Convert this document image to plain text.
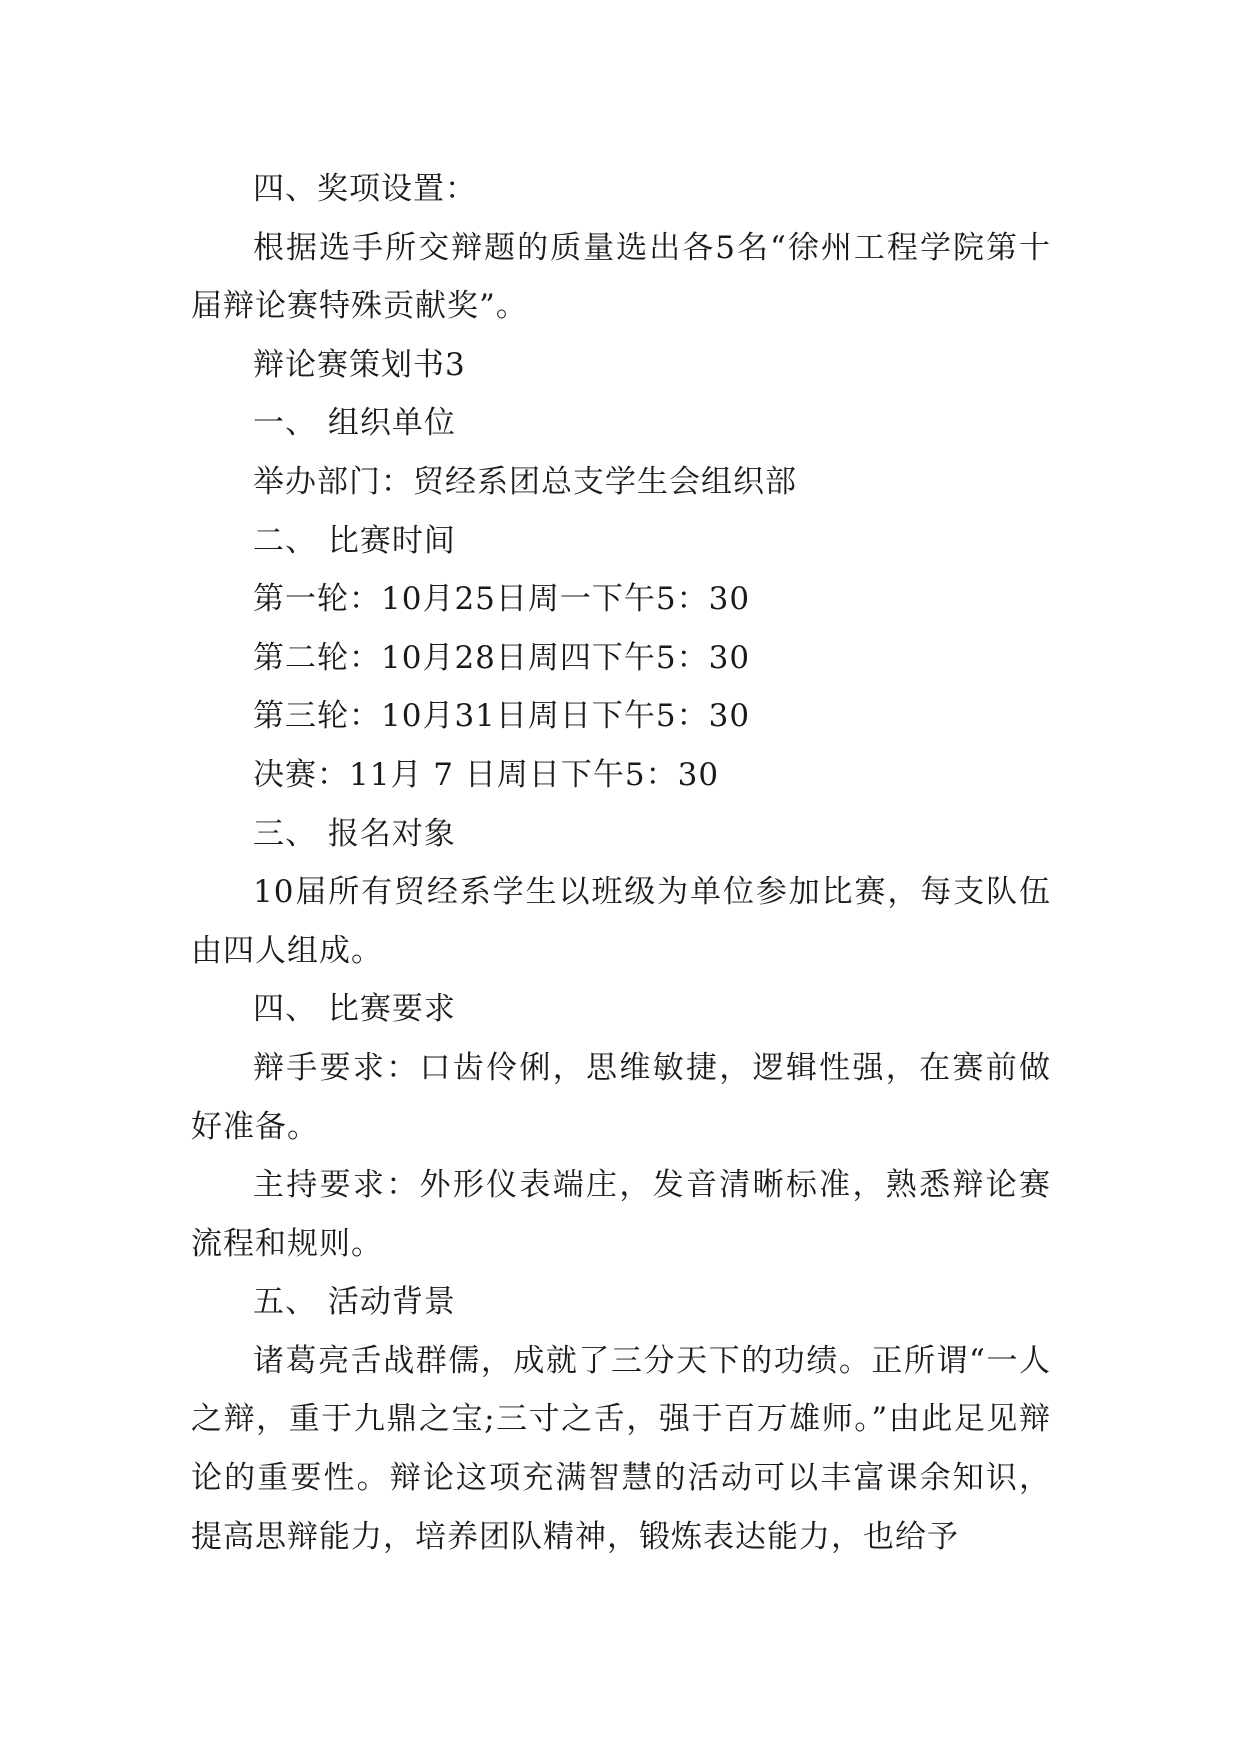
四、奖项设置：

根据选手所交辩题的质量选出各5名“徐州工程学院第十届辩论赛特殊贡献奖”。

辩论赛策划书3

一、 组织单位

举办部门：贸经系团总支学生会组织部

二、 比赛时间

第一轮：10月25日周一下午5：30

第二轮：10月28日周四下午5：30

第三轮：10月31日周日下午5：30

决赛：11月 7 日周日下午5：30

三、 报名对象

10届所有贸经系学生以班级为单位参加比赛，每支队伍由四人组成。

四、 比赛要求

辩手要求：口齿伶俐，思维敏捷，逻辑性强，在赛前做好准备。

主持要求：外形仪表端庄，发音清晰标准，熟悉辩论赛流程和规则。

五、 活动背景

诸葛亮舌战群儒，成就了三分天下的功绩。正所谓“一人之辩，重于九鼎之宝;三寸之舌，强于百万雄师。”由此足见辩论的重要性。辩论这项充满智慧的活动可以丰富课余知识，提高思辩能力，培养团队精神，锻炼表达能力，也给予
